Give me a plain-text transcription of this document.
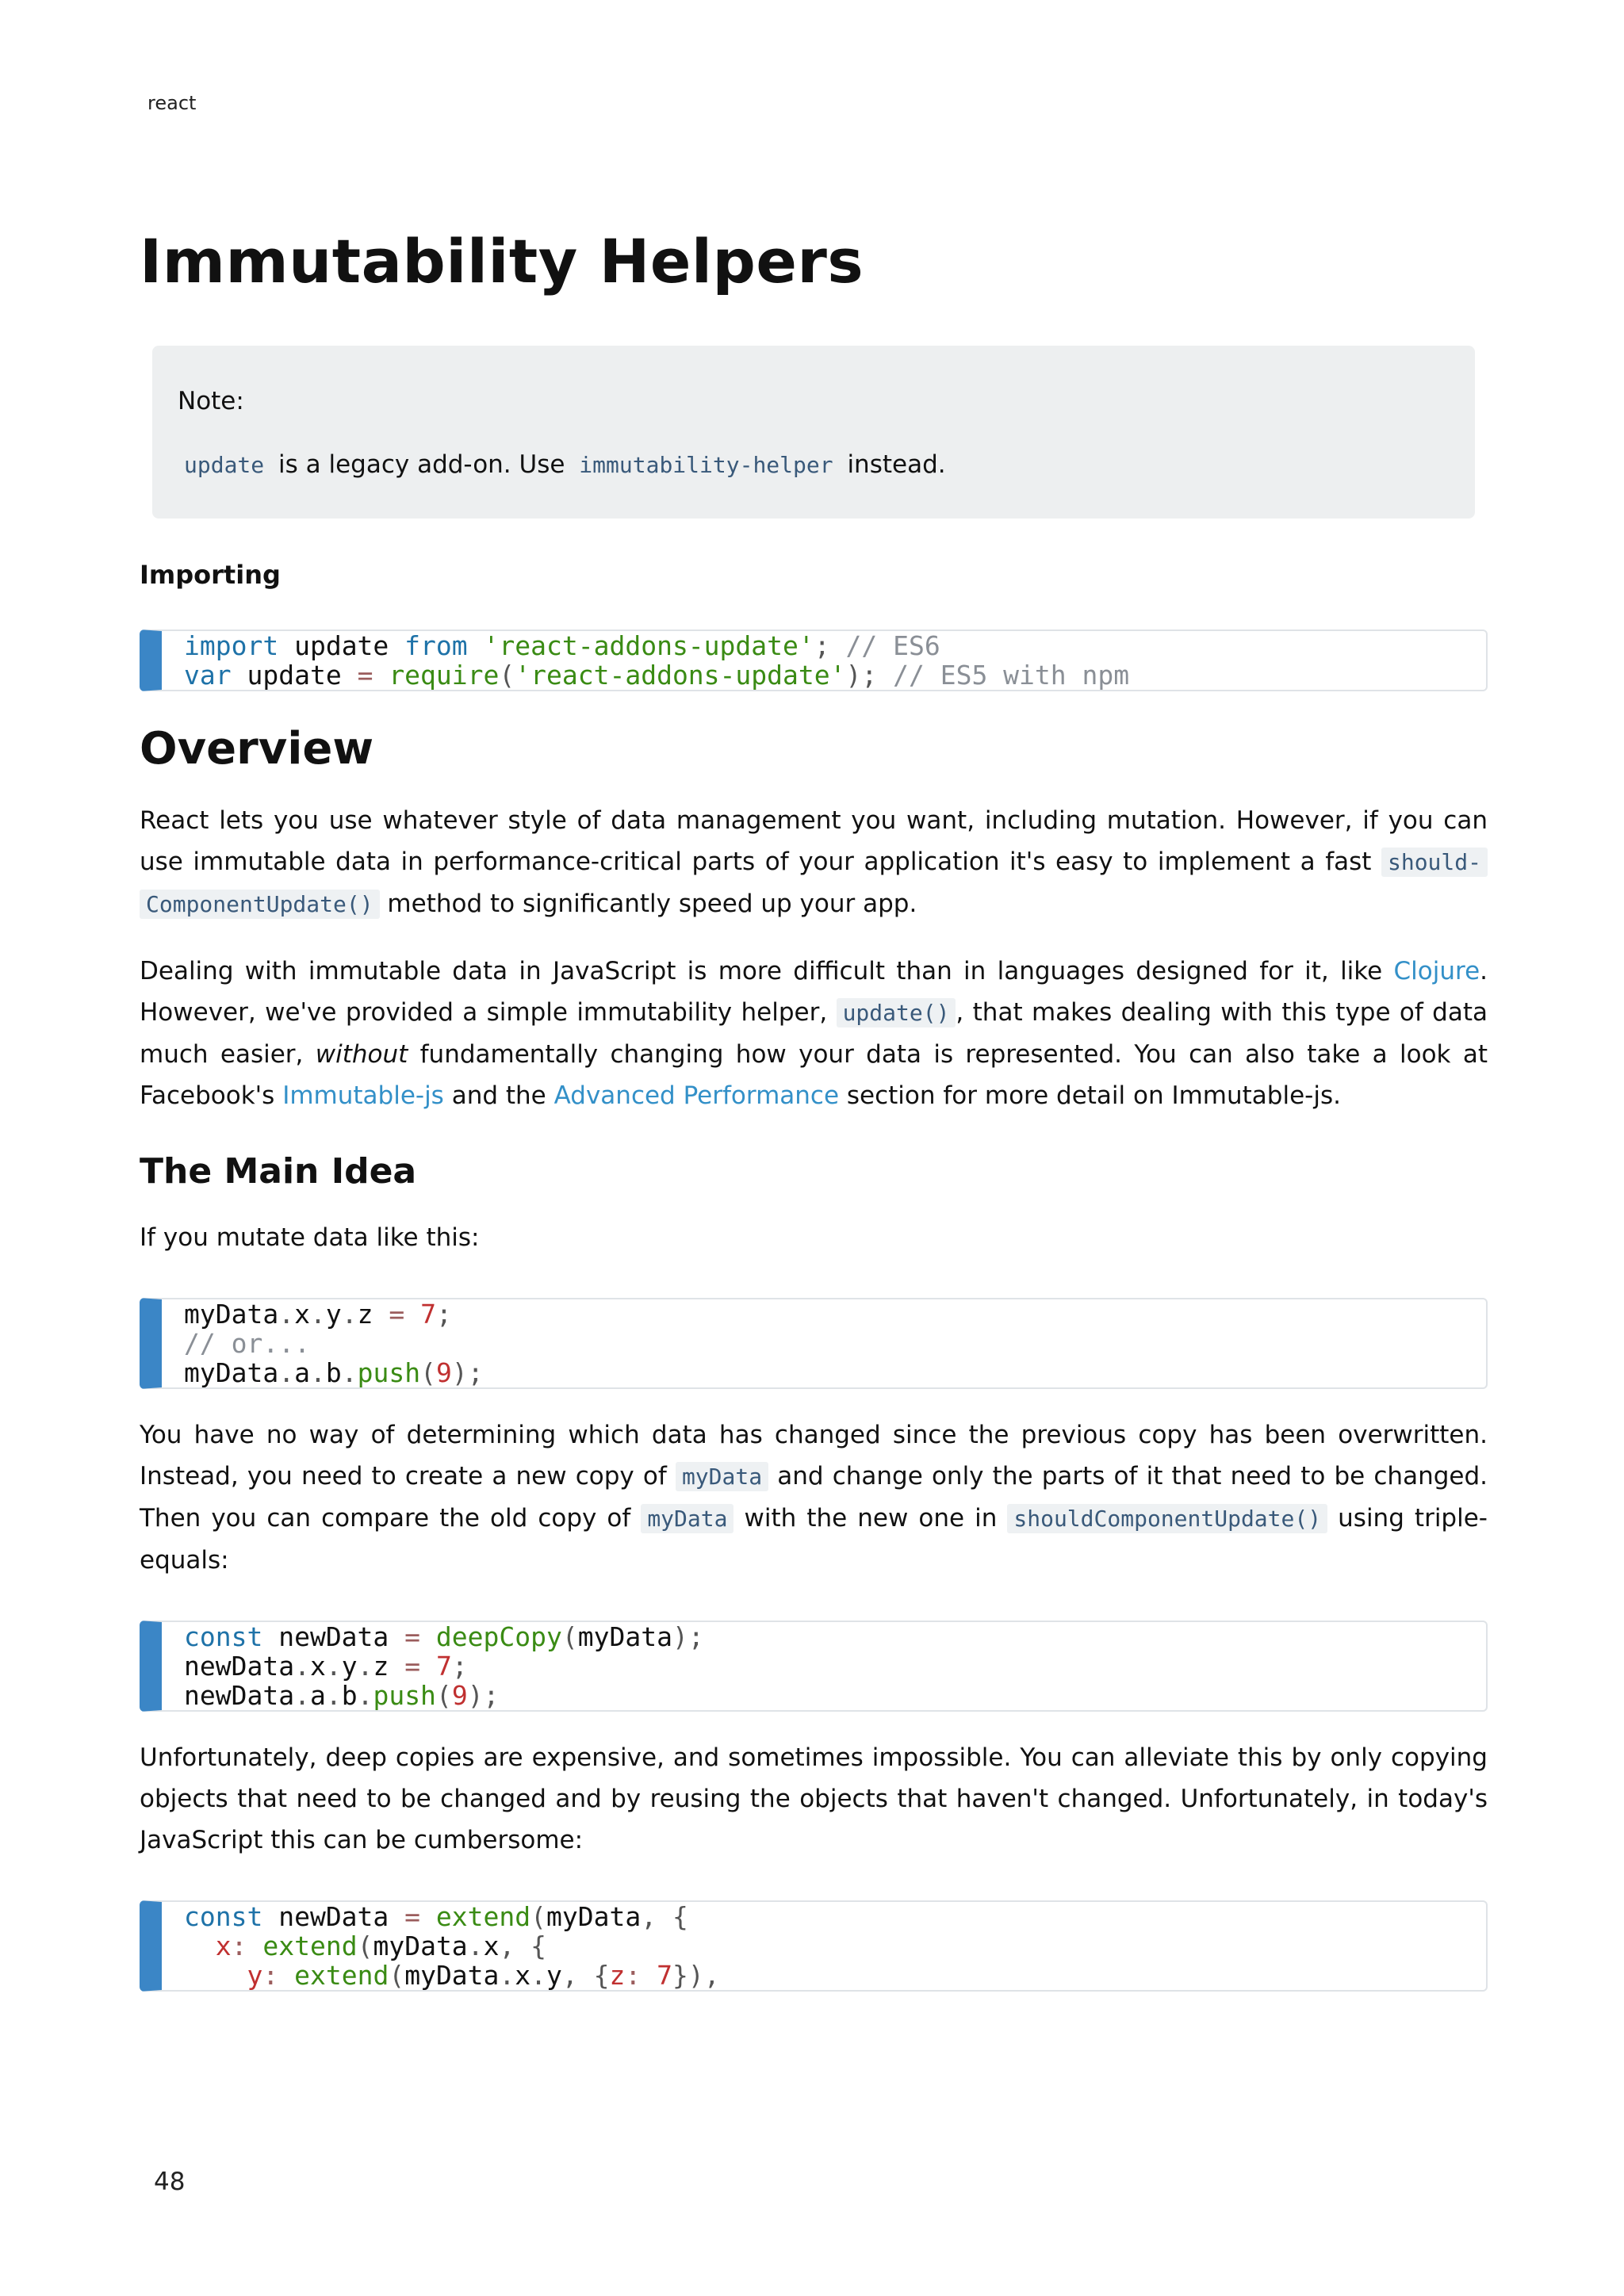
react
Immutability Helpers

Note:

update is a legacy add-on. Use immutability-helper instead.

Importing
import update from 'react-addons-update'; // ES6
var update = require('react-addons-update'); // ES5 with npm
Overview

React lets you use whatever style of data management you want, including mutation. However, if you can use immutable data in performance-critical parts of your application it's easy to implement a fast should- ComponentUpdate() method to significantly speed up your app.

Dealing with immutable data in JavaScript is more difficult than in languages designed for it, like Clojure. However, we've provided a simple immutability helper, update() , that makes dealing with this type of data much easier, without fundamentally changing how your data is represented. You can also take a look at Facebook's Immutable-js and the Advanced Performance section for more detail on Immutable-js.

The Main Idea

If you mutate data like this:

myData.x.y.z = 7;
// or...
myData.a.b.push(9);

You have no way of determining which data has changed since the previous copy has been overwritten. Instead, you need to create a new copy of myData and change only the parts of it that need to be changed. Then you can compare the old copy of myData with the new one in shouldComponentUpdate() using triple-equals:

const newData = deepCopy(myData);
newData.x.y.z = 7;
newData.a.b.push(9);

Unfortunately, deep copies are expensive, and sometimes impossible. You can alleviate this by only copying objects that need to be changed and by reusing the objects that haven't changed. Unfortunately, in today's JavaScript this can be cumbersome:

const newData = extend(myData, {
x: extend(myData.x, {
y: extend(myData.x.y, {z: 7}),
48
